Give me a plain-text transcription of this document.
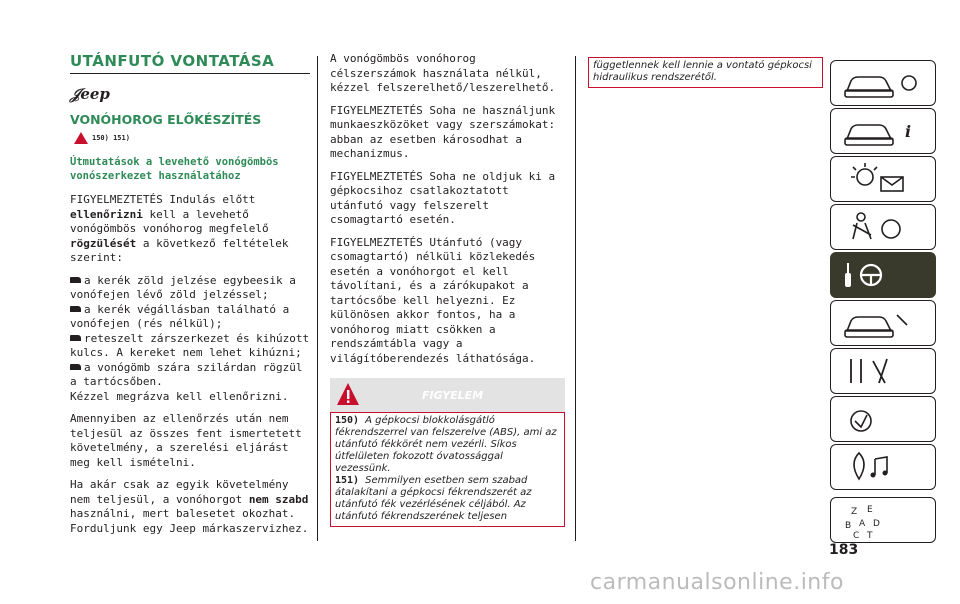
UTÁNFUTÓ VONTATÁSA
𝒥eep
VONÓHOROG ELŐKÉSZÍTÉS
150) 151)
Útmutatások a levehető vonógömbös vonószerkezet használatához

FIGYELMEZTETÉS Indulás előtt ellenőrizni kell a levehető vonógömbös vonóhorog megfelelő rögzülését a következő feltételek szerint:

a kerék zöld jelzése egybeesik a vonófejen lévő zöld jelzéssel;
a kerék végállásban található a vonófejen (rés nélkül);
reteszelt zárszerkezet és kihúzott kulcs. A kereket nem lehet kihúzni;
a vonógömb szára szilárdan rögzül a tartócsőben.

Kézzel megrázva kell ellenőrizni.

Amennyiben az ellenőrzés után nem teljesül az összes fent ismertetett követelmény, a szerelési eljárást meg kell ismételni.

Ha akár csak az egyik követelmény nem teljesül, a vonóhorgot nem szabd használni, mert balesetet okozhat. Forduljunk egy Jeep márkaszervizhez.

A vonógömbös vonóhorog célszerszámok használata nélkül, kézzel felszerelhető/leszerelhető.

FIGYELMEZTETÉS Soha ne használjunk munkaeszközöket vagy szerszámokat: abban az esetben károsodhat a mechanizmus.

FIGYELMEZTETÉS Soha ne oldjuk ki a gépkocsihoz csatlakoztatott utánfutó vagy felszerelt csomagtartó esetén.

FIGYELMEZTETÉS Utánfutó (vagy csomagtartó) nélküli közlekedés esetén a vonóhorgot el kell távolítani, és a zárókupakot a tartócsőbe kell helyezni. Ez különösen akkor fontos, ha a vonóhorog miatt csökken a rendszámtábla vagy a világítóberendezés láthatósága.

FIGYELEM
150) A gépkocsi blokkolásgátló fékrendszerrel van felszerelve (ABS), ami az utánfutó fékkörét nem vezérli. Síkos útfelületen fokozott óvatossággal vezessünk.
151) Semmilyen esetben sem szabad átalakítani a gépkocsi fékrendszerét az utánfutó fék vezérlésének céljából. Az utánfutó fékrendszerének teljesen
függetlennek kell lennie a vontató gépkocsi hidraulikus rendszerétől.
i
Z E
B A D
C T
183
carmanualsonline.info
